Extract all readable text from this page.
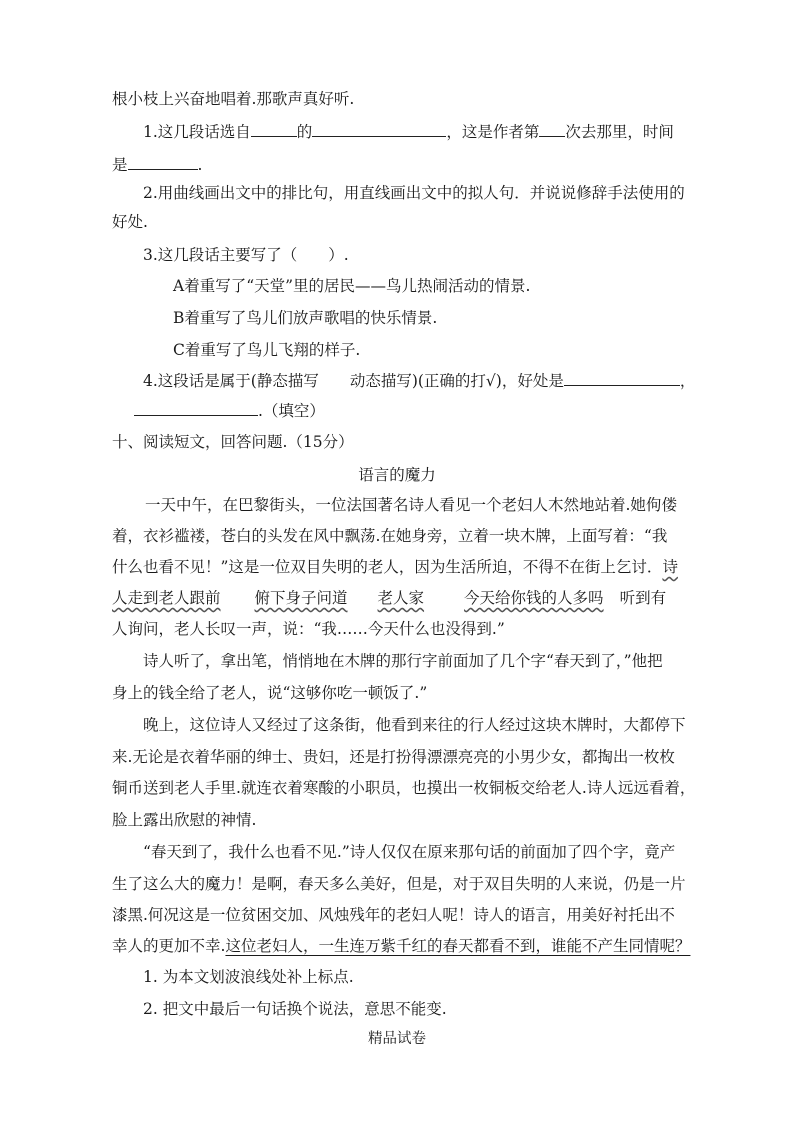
根小枝上兴奋地唱着.那歌声真好听.
1.这几段话选自	的	，这是作者第 次去那里，时间
是	.
2.用曲线画出文中的排比句，用直线画出文中的拟人句．并说说修辞手法使用的
好处.
3.这几段话主要写了（　　）.
A着重写了“天堂”里的居民——鸟儿热闹活动的情景.
B着重写了鸟儿们放声歌唱的快乐情景.
C着重写了鸟儿飞翔的样子.
4.这段话是属于(静态描写　　动态描写)(正确的打√)，好处是	，
.（填空）
十、阅读短文，回答问题.（15分）
语言的魔力
一天中午，在巴黎街头，一位法国著名诗人看见一个老妇人木然地站着.她佝偻
着，衣衫褴褛，苍白的头发在风中飘荡.在她身旁，立着一块木牌，上面写着：“我
什么也看不见！”这是一位双目失明的老人，因为生活所迫，不得不在街上乞讨．诗
人走到老人跟前 俯下身子问道 老人家	今天给你钱的人多吗 听到有
人询问，老人长叹一声，说：“我……今天什么也没得到.”
诗人听了，拿出笔，悄悄地在木牌的那行字前面加了几个字“春天到了，”他把
身上的钱全给了老人，说“这够你吃一顿饭了.”
晚上，这位诗人又经过了这条街，他看到来往的行人经过这块木牌时，大都停下
来.无论是衣着华丽的绅士、贵妇，还是打扮得漂漂亮亮的小男少女，都掏出一枚枚
铜币送到老人手里.就连衣着寒酸的小职员，也摸出一枚铜板交给老人.诗人远远看着，
脸上露出欣慰的神情.
“春天到了，我什么也看不见.”诗人仅仅在原来那句话的前面加了四个字，竟产
生了这么大的魔力！是啊，春天多么美好，但是，对于双目失明的人来说，仍是一片
漆黑.何况这是一位贫困交加、风烛残年的老妇人呢！诗人的语言，用美好衬托出不
幸人的更加不幸.这位老妇人，一生连万紫千红的春天都看不到，谁能不产生同情呢？
1. 为本文划波浪线处补上标点.
2. 把文中最后一句话换个说法，意思不能变.
精品试卷
